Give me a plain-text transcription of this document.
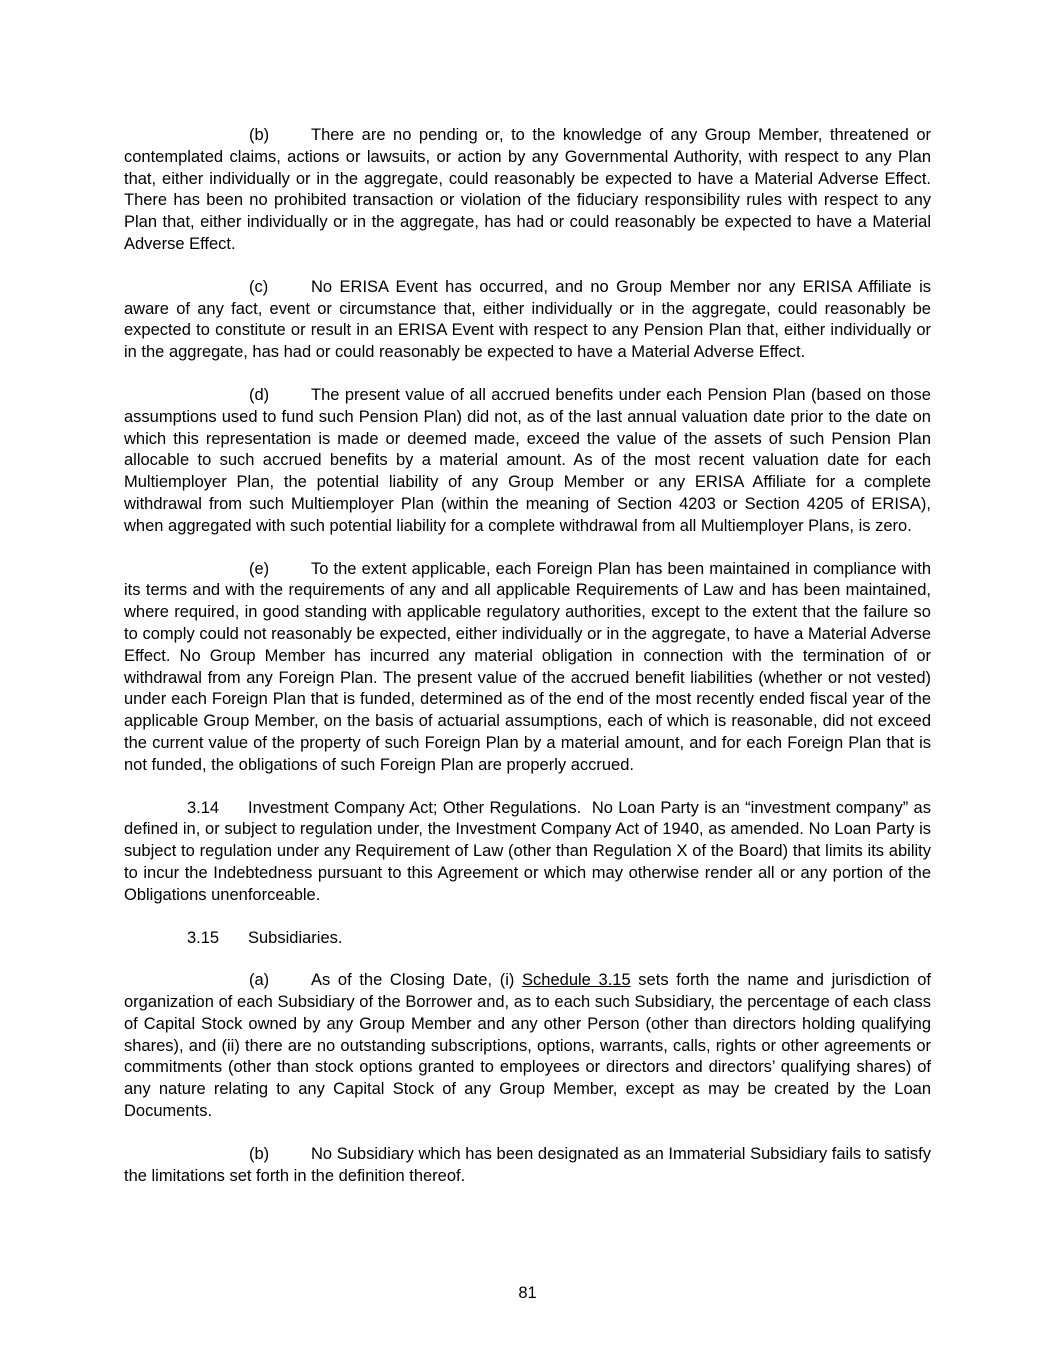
(b)	There are no pending or, to the knowledge of any Group Member, threatened or contemplated claims, actions or lawsuits, or action by any Governmental Authority, with respect to any Plan that, either individually or in the aggregate, could reasonably be expected to have a Material Adverse Effect. There has been no prohibited transaction or violation of the fiduciary responsibility rules with respect to any Plan that, either individually or in the aggregate, has had or could reasonably be expected to have a Material Adverse Effect.

(c)	No ERISA Event has occurred, and no Group Member nor any ERISA Affiliate is aware of any fact, event or circumstance that, either individually or in the aggregate, could reasonably be expected to constitute or result in an ERISA Event with respect to any Pension Plan that, either individually or in the aggregate, has had or could reasonably be expected to have a Material Adverse Effect.

(d)	The present value of all accrued benefits under each Pension Plan (based on those assumptions used to fund such Pension Plan) did not, as of the last annual valuation date prior to the date on which this representation is made or deemed made, exceed the value of the assets of such Pension Plan allocable to such accrued benefits by a material amount. As of the most recent valuation date for each Multiemployer Plan, the potential liability of any Group Member or any ERISA Affiliate for a complete withdrawal from such Multiemployer Plan (within the meaning of Section 4203 or Section 4205 of ERISA), when aggregated with such potential liability for a complete withdrawal from all Multiemployer Plans, is zero.

(e)	To the extent applicable, each Foreign Plan has been maintained in compliance with its terms and with the requirements of any and all applicable Requirements of Law and has been maintained, where required, in good standing with applicable regulatory authorities, except to the extent that the failure so to comply could not reasonably be expected, either individually or in the aggregate, to have a Material Adverse Effect. No Group Member has incurred any material obligation in connection with the termination of or withdrawal from any Foreign Plan. The present value of the accrued benefit liabilities (whether or not vested) under each Foreign Plan that is funded, determined as of the end of the most recently ended fiscal year of the applicable Group Member, on the basis of actuarial assumptions, each of which is reasonable, did not exceed the current value of the property of such Foreign Plan by a material amount, and for each Foreign Plan that is not funded, the obligations of such Foreign Plan are properly accrued.

3.14 Investment Company Act; Other Regulations. No Loan Party is an “investment company” as defined in, or subject to regulation under, the Investment Company Act of 1940, as amended. No Loan Party is subject to regulation under any Requirement of Law (other than Regulation X of the Board) that limits its ability to incur the Indebtedness pursuant to this Agreement or which may otherwise render all or any portion of the Obligations unenforceable.

3.15 Subsidiaries.

(a)	As of the Closing Date, (i) Schedule 3.15 sets forth the name and jurisdiction of organization of each Subsidiary of the Borrower and, as to each such Subsidiary, the percentage of each class of Capital Stock owned by any Group Member and any other Person (other than directors holding qualifying shares), and (ii) there are no outstanding subscriptions, options, warrants, calls, rights or other agreements or commitments (other than stock options granted to employees or directors and directors’ qualifying shares) of any nature relating to any Capital Stock of any Group Member, except as may be created by the Loan Documents.

(b)	No Subsidiary which has been designated as an Immaterial Subsidiary fails to satisfy the limitations set forth in the definition thereof.

81
